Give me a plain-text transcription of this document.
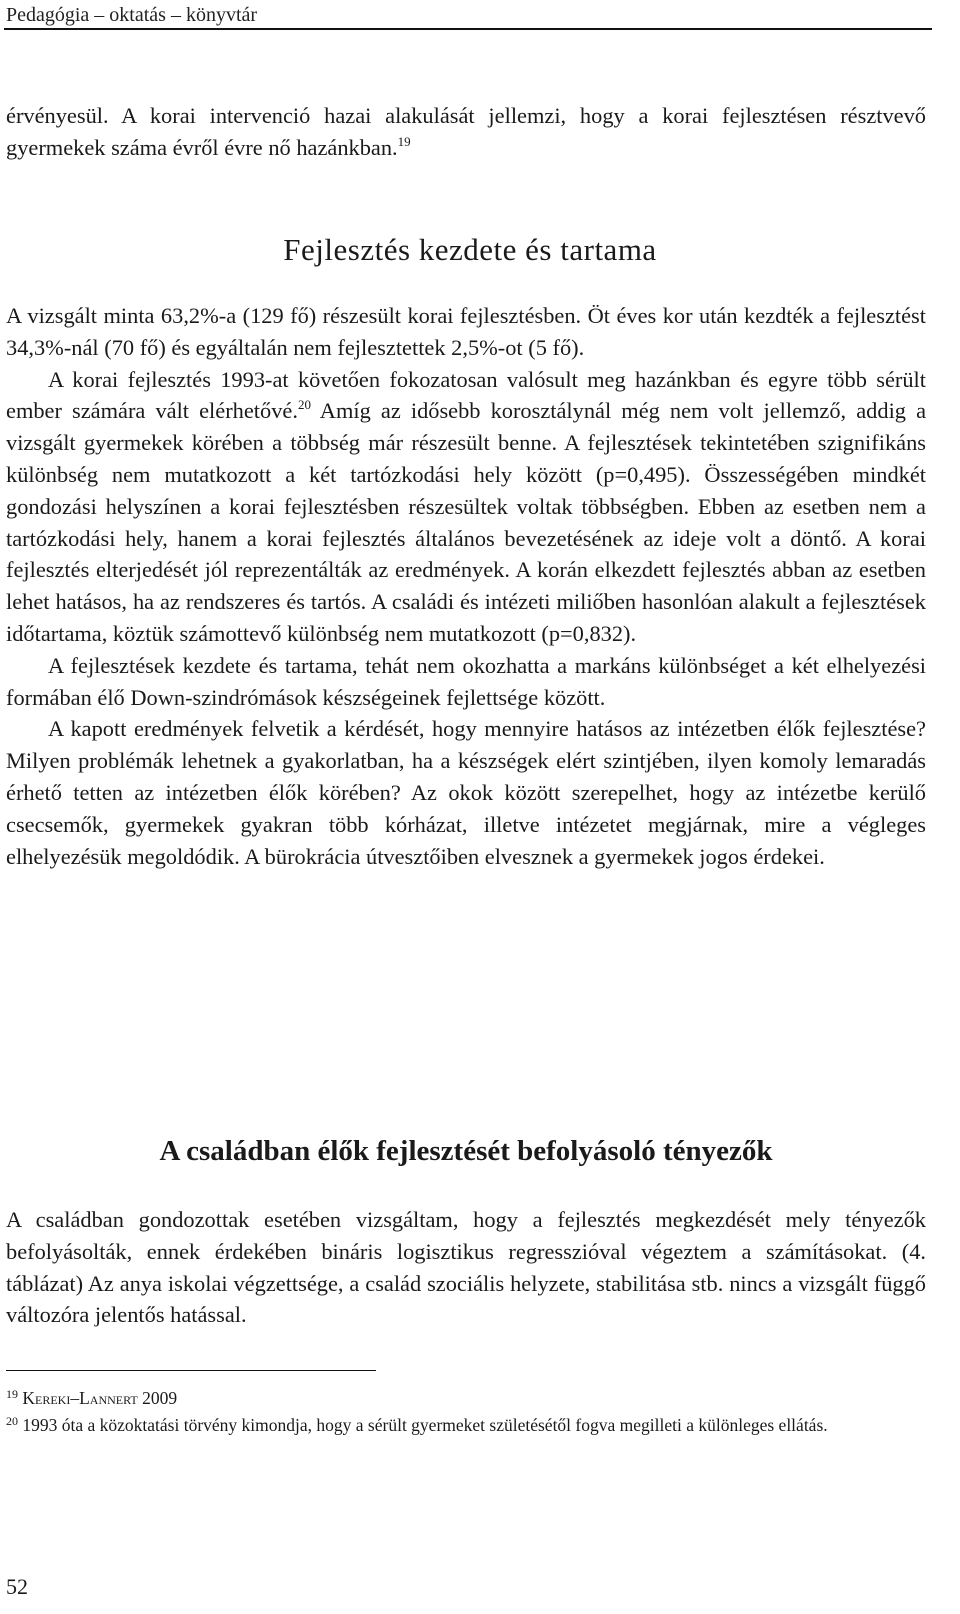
Pedagógia – oktatás – könyvtár

érvényesül. A korai intervenció hazai alakulását jellemzi, hogy a korai fejlesztésen résztvevő gyermekek száma évről évre nő hazánkban.$^{19}$

Fejlesztés kezdete és tartama

A vizsgált minta 63,2%-a (129 fő) részesült korai fejlesztésben. Öt éves kor után kezdték a fejlesztést 34,3%-nál (70 fő) és egyáltalán nem fejlesztettek 2,5%-ot (5 fő).

A korai fejlesztés 1993-at követően fokozatosan valósult meg hazánkban és egyre több sérült ember számára vált elérhetővé.$^{20}$ Amíg az idősebb korosztálynál még nem volt jellemző, addig a vizsgált gyermekek körében a többség már részesült benne. A fejlesztések tekintetében szignifikáns különbség nem mutatkozott a két tartózkodási hely között (p=0,495). Összességében mindkét gondozási helyszínen a korai fejlesztésben részesültek voltak többségben. Ebben az esetben nem a tartózkodási hely, hanem a korai fejlesztés általános bevezetésének az ideje volt a döntő. A korai fejlesztés elterjedését jól reprezentálták az eredmények. A korán elkezdett fejlesztés abban az esetben lehet hatásos, ha az rendszeres és tartós. A családi és intézeti miliőben hasonlóan alakult a fejlesztések időtartama, köztük számottevő különbség nem mutatkozott (p=0,832).

A fejlesztések kezdete és tartama, tehát nem okozhatta a markáns különbséget a két elhelyezési formában élő Down-szindrómások készségeinek fejlettsége között.

A kapott eredmények felvetik a kérdését, hogy mennyire hatásos az intézetben élők fejlesztése? Milyen problémák lehetnek a gyakorlatban, ha a készségek elért szintjében, ilyen komoly lemaradás érhető tetten az intézetben élők körében? Az okok között szerepelhet, hogy az intézetbe kerülő csecsemők, gyermekek gyakran több kórházat, illetve intézetet megjárnak, mire a végleges elhelyezésük megoldódik. A bürokrácia útvesztőiben elvesznek a gyermekek jogos érdekei.

A családban élők fejlesztését befolyásoló tényezők

A családban gondozottak esetében vizsgáltam, hogy a fejlesztés megkezdését mely tényezők befolyásolták, ennek érdekében bináris logisztikus regresszióval végeztem a számításokat. (4. táblázat) Az anya iskolai végzettsége, a család szociális helyzete, stabilitása stb. nincs a vizsgált függő változóra jelentős hatással.

$^{19}$ Kereki–Lannert 2009
$^{20}$ 1993 óta a közoktatási törvény kimondja, hogy a sérült gyermeket születésétől fogva megilleti a különleges ellátás.
52
